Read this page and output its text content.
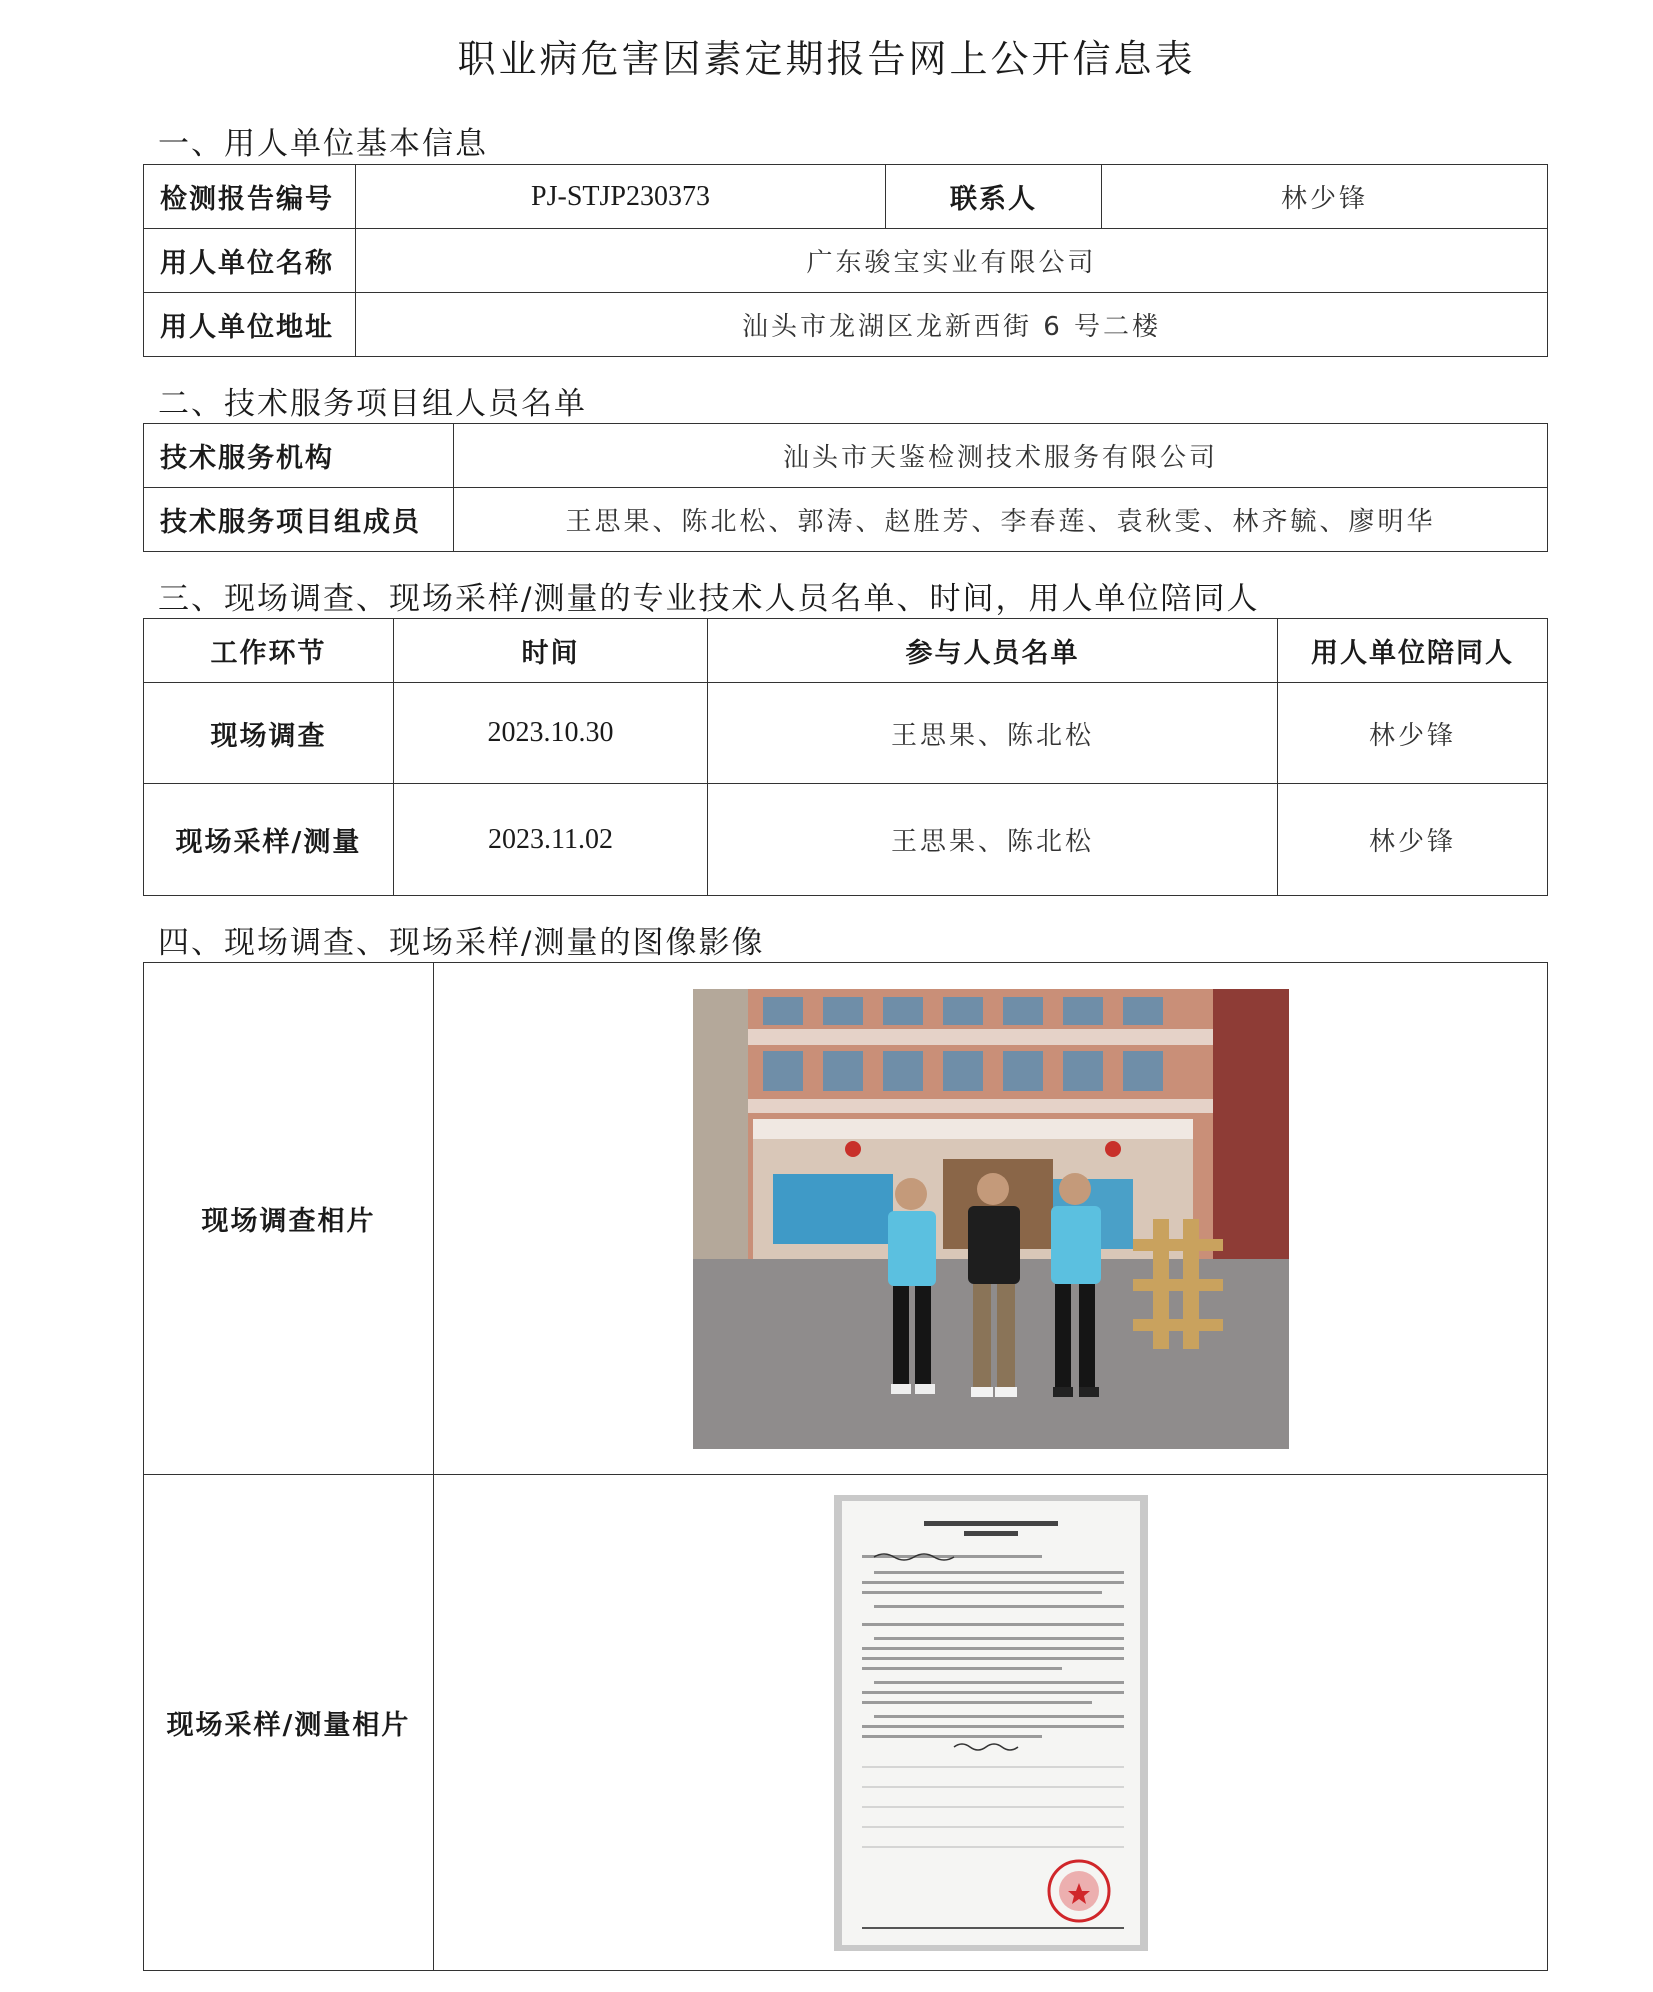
职业病危害因素定期报告网上公开信息表
一、用人单位基本信息
检测报告编号	PJ-STJP230373	联系人	林少锋
用人单位名称	广东骏宝实业有限公司		
用人单位地址	汕头市龙湖区龙新西街 6 号二楼		
二、技术服务项目组人员名单
技术服务机构	汕头市天鉴检测技术服务有限公司
技术服务项目组成员	王思果、陈北松、郭涛、赵胜芳、李春莲、袁秋雯、林齐毓、廖明华
三、现场调查、现场采样/测量的专业技术人员名单、时间，用人单位陪同人
工作环节	时间	参与人员名单	用人单位陪同人
现场调查	2023.10.30	王思果、陈北松	林少锋
现场采样/测量	2023.11.02	王思果、陈北松	林少锋
四、现场调查、现场采样/测量的图像影像
现场调查相片	

现场采样/测量相片	
